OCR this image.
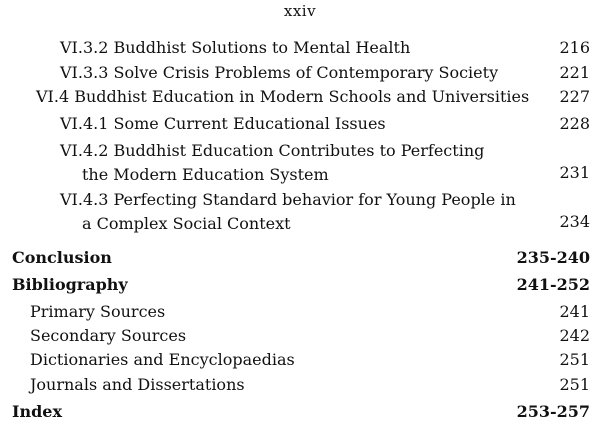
xxiv
VI.3.2 Buddhist Solutions to Mental Health	216
VI.3.3 Solve Crisis Problems of Contemporary Society	221
VI.4 Buddhist Education in Modern Schools and Universities 227
VI.4.1 Some Current Educational Issues	228
VI.4.2 Buddhist Education Contributes to Perfecting
the Modern Education System	231
VI.4.3 Perfecting Standard behavior for Young People in
a Complex Social Context	234
Conclusion	235-240
Bibliography	241-252
Primary Sources	241
Secondary Sources	242
Dictionaries and Encyclopaedias	251
Journals and Dissertations	251
Index	253-257
